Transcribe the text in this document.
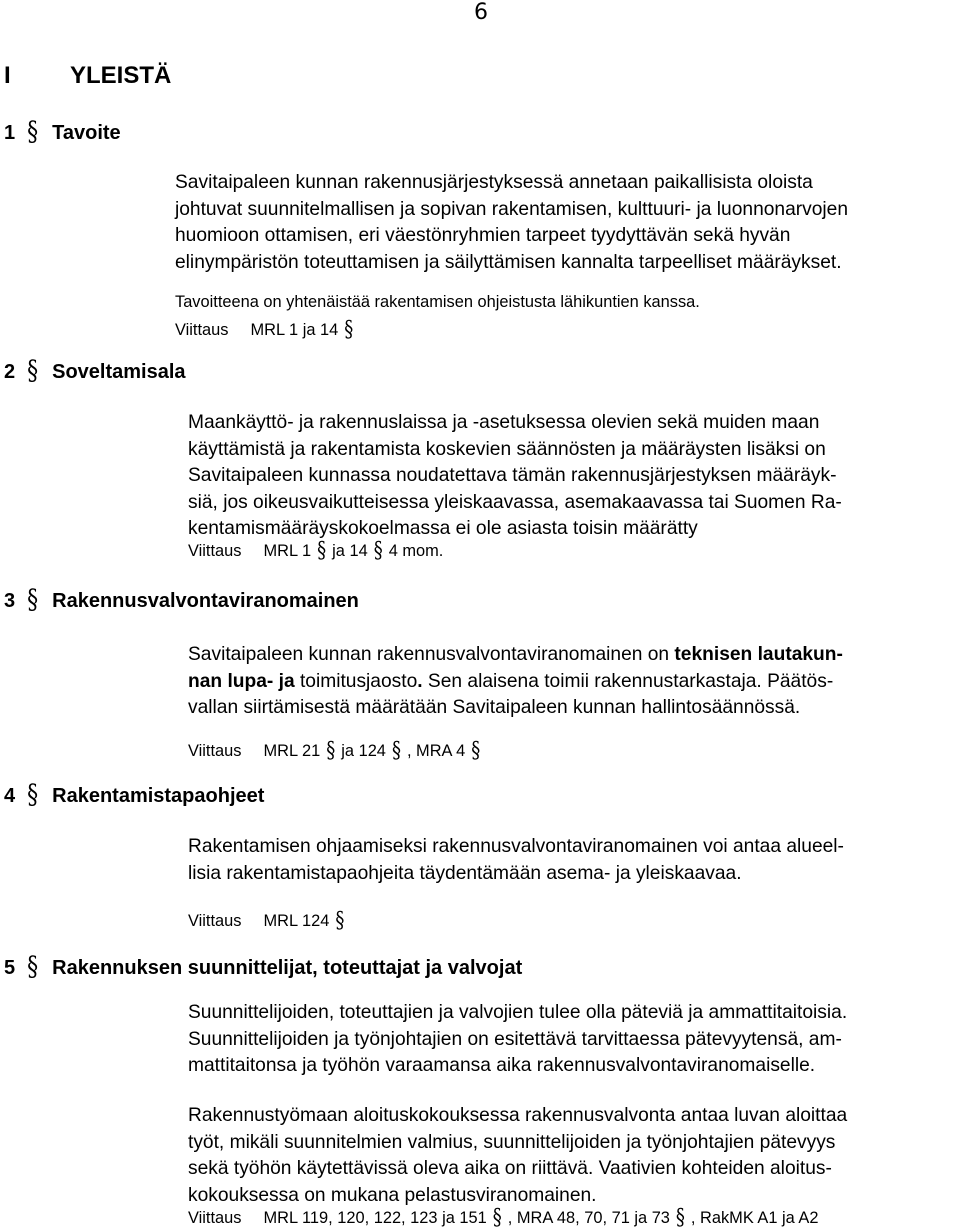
6
I YLEISTÄ
1 § Tavoite
Savitaipaleen kunnan rakennusjärjestyksessä annetaan paikallisista oloista
johtuvat suunnitelmallisen ja sopivan rakentamisen, kulttuuri- ja luonnonarvojen
huomioon ottamisen, eri väestönryhmien tarpeet tyydyttävän sekä hyvän
elinympäristön toteuttamisen ja säilyttämisen kannalta tarpeelliset määräykset.
Tavoitteena on yhtenäistää rakentamisen ohjeistusta lähikuntien kanssa.
Viittaus MRL 1 ja 14 §
2 § Soveltamisala
Maankäyttö- ja rakennuslaissa ja -asetuksessa olevien sekä muiden maan
käyttämistä ja rakentamista koskevien säännösten ja määräysten lisäksi on
Savitaipaleen kunnassa noudatettava tämän rakennusjärjestyksen määräyk-
siä, jos oikeusvaikutteisessa yleiskaavassa, asemakaavassa tai Suomen Ra-
kentamismääräyskokoelmassa ei ole asiasta toisin määrätty
Viittaus MRL 1 § ja 14 § 4 mom.
3 § Rakennusvalvontaviranomainen
Savitaipaleen kunnan rakennusvalvontaviranomainen on teknisen lautakun-
nan lupa- ja toimitusjaosto. Sen alaisena toimii rakennustarkastaja. Päätös-
vallan siirtämisestä määrätään Savitaipaleen kunnan hallintosäännössä.
Viittaus MRL 21 § ja 124 § , MRA 4 §
4 § Rakentamistapaohjeet
Rakentamisen ohjaamiseksi rakennusvalvontaviranomainen voi antaa alueel-
lisia rakentamistapaohjeita täydentämään asema- ja yleiskaavaa.
Viittaus MRL 124 §
5 § Rakennuksen suunnittelijat, toteuttajat ja valvojat
Suunnittelijoiden, toteuttajien ja valvojien tulee olla päteviä ja ammattitaitoisia.
Suunnittelijoiden ja työnjohtajien on esitettävä tarvittaessa pätevyytensä, am-
mattitaitonsa ja työhön varaamansa aika rakennusvalvontaviranomaiselle.
Rakennustyömaan aloituskokouksessa rakennusvalvonta antaa luvan aloittaa
työt, mikäli suunnitelmien valmius, suunnittelijoiden ja työnjohtajien pätevyys
sekä työhön käytettävissä oleva aika on riittävä. Vaativien kohteiden aloitus-
kokouksessa on mukana pelastusviranomainen.
Viittaus MRL 119, 120, 122, 123 ja 151 § , MRA 48, 70, 71 ja 73 § , RakMK A1 ja A2
